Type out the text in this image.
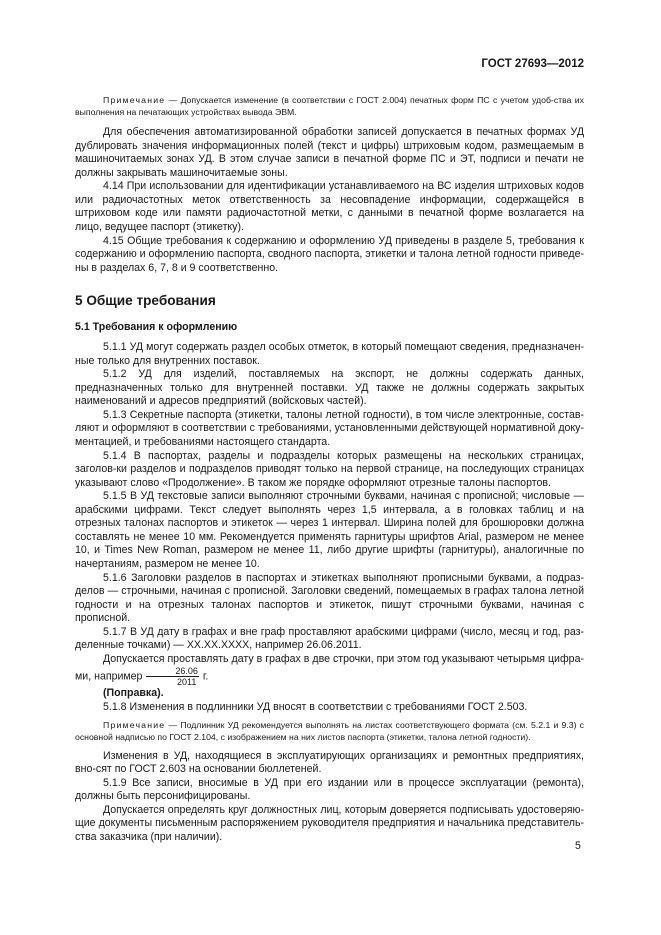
ГОСТ 27693—2012

Примечание — Допускается изменение (в соответствии с ГОСТ 2.004) печатных форм ПС с учетом удоб-ства их выполнения на печатающих устройствах вывода ЭВМ.

Для обеспечения автоматизированной обработки записей допускается в печатных формах УД дублировать значения информационных полей (текст и цифры) штриховым кодом, размещаемым в машиночитаемых зонах УД. В этом случае записи в печатной форме ПС и ЭТ, подписи и печати не должны закрывать машиночитаемые зоны.

4.14 При использовании для идентификации устанавливаемого на ВС изделия штриховых кодов или радиочастотных меток ответственность за несовпадение информации, содержащейся в штриховом коде или памяти радиочастотной метки, с данными в печатной форме возлагается на лицо, ведущее паспорт (этикетку).

4.15 Общие требования к содержанию и оформлению УД приведены в разделе 5, требования к содержанию и оформлению паспорта, сводного паспорта, этикетки и талона летной годности приведе-ны в разделах 6, 7, 8 и 9 соответственно.

5 Общие требования
5.1 Требования к оформлению

5.1.1 УД могут содержать раздел особых отметок, в который помещают сведения, предназначен-ные только для внутренних поставок.

5.1.2 УД для изделий, поставляемых на экспорт, не должны содержать данных, предназначенных только для внутренней поставки. УД также не должны содержать закрытых наименований и адресов предприятий (войсковых частей).

5.1.3 Секретные паспорта (этикетки, талоны летной годности), в том числе электронные, состав-ляют и оформляют в соответствии с требованиями, установленными действующей нормативной доку-ментацией, и требованиями настоящего стандарта.

5.1.4 В паспортах, разделы и подразделы которых размещены на нескольких страницах, заголов-ки разделов и подразделов приводят только на первой странице, на последующих страницах указывают слово «Продолжение». В таком же порядке оформляют отрезные талоны паспортов.

5.1.5 В УД текстовые записи выполняют строчными буквами, начиная с прописной; числовые — арабскими цифрами. Текст следует выполнять через 1,5 интервала, а в головках таблиц и на отрезных талонах паспортов и этикеток — через 1 интервал. Ширина полей для брошюровки должна составлять не менее 10 мм. Рекомендуется применять гарнитуры шрифтов Arial, размером не менее 10, и Times New Roman, размером не менее 11, либо другие шрифты (гарнитуры), аналогичные по начертаниям, размером не менее 10.

5.1.6 Заголовки разделов в паспортах и этикетках выполняют прописными буквами, а подраз-делов — строчными, начиная с прописной. Заголовки сведений, помещаемых в графах талона летной годности и на отрезных талонах паспортов и этикеток, пишут строчными буквами, начиная с прописной.

5.1.7 В УД дату в графах и вне граф проставляют арабскими цифрами (число, месяц и год, раз-деленные точками) — XX.XX.XXXX, например 26.06.2011.

Допускается проставлять дату в графах в две строчки, при этом год указывают четырьмя цифра-ми, например $\frac{26.06}{2011} г$.

(Поправка).

5.1.8 Изменения в подлинники УД вносят в соответствии с требованиями ГОСТ 2.503.

Примечание — Подлинник УД рекомендуется выполнять на листах соответствующего формата (см. 5.2.1 и 9.3) с основной надписью по ГОСТ 2.104, с изображением на них листов паспорта (этикетки, талона летной годности).

Изменения в УД, находящиеся в эксплуатирующих организациях и ремонтных предприятиях, вно-сят по ГОСТ 2.603 на основании бюллетеней.

5.1.9 Все записи, вносимые в УД при его издании или в процессе эксплуатации (ремонта), должны быть персонифицированы.

Допускается определять круг должностных лиц, которым доверяется подписывать удостоверяю-щие документы письменным распоряжением руководителя предприятия и начальника представитель-ства заказчика (при наличии).

5
